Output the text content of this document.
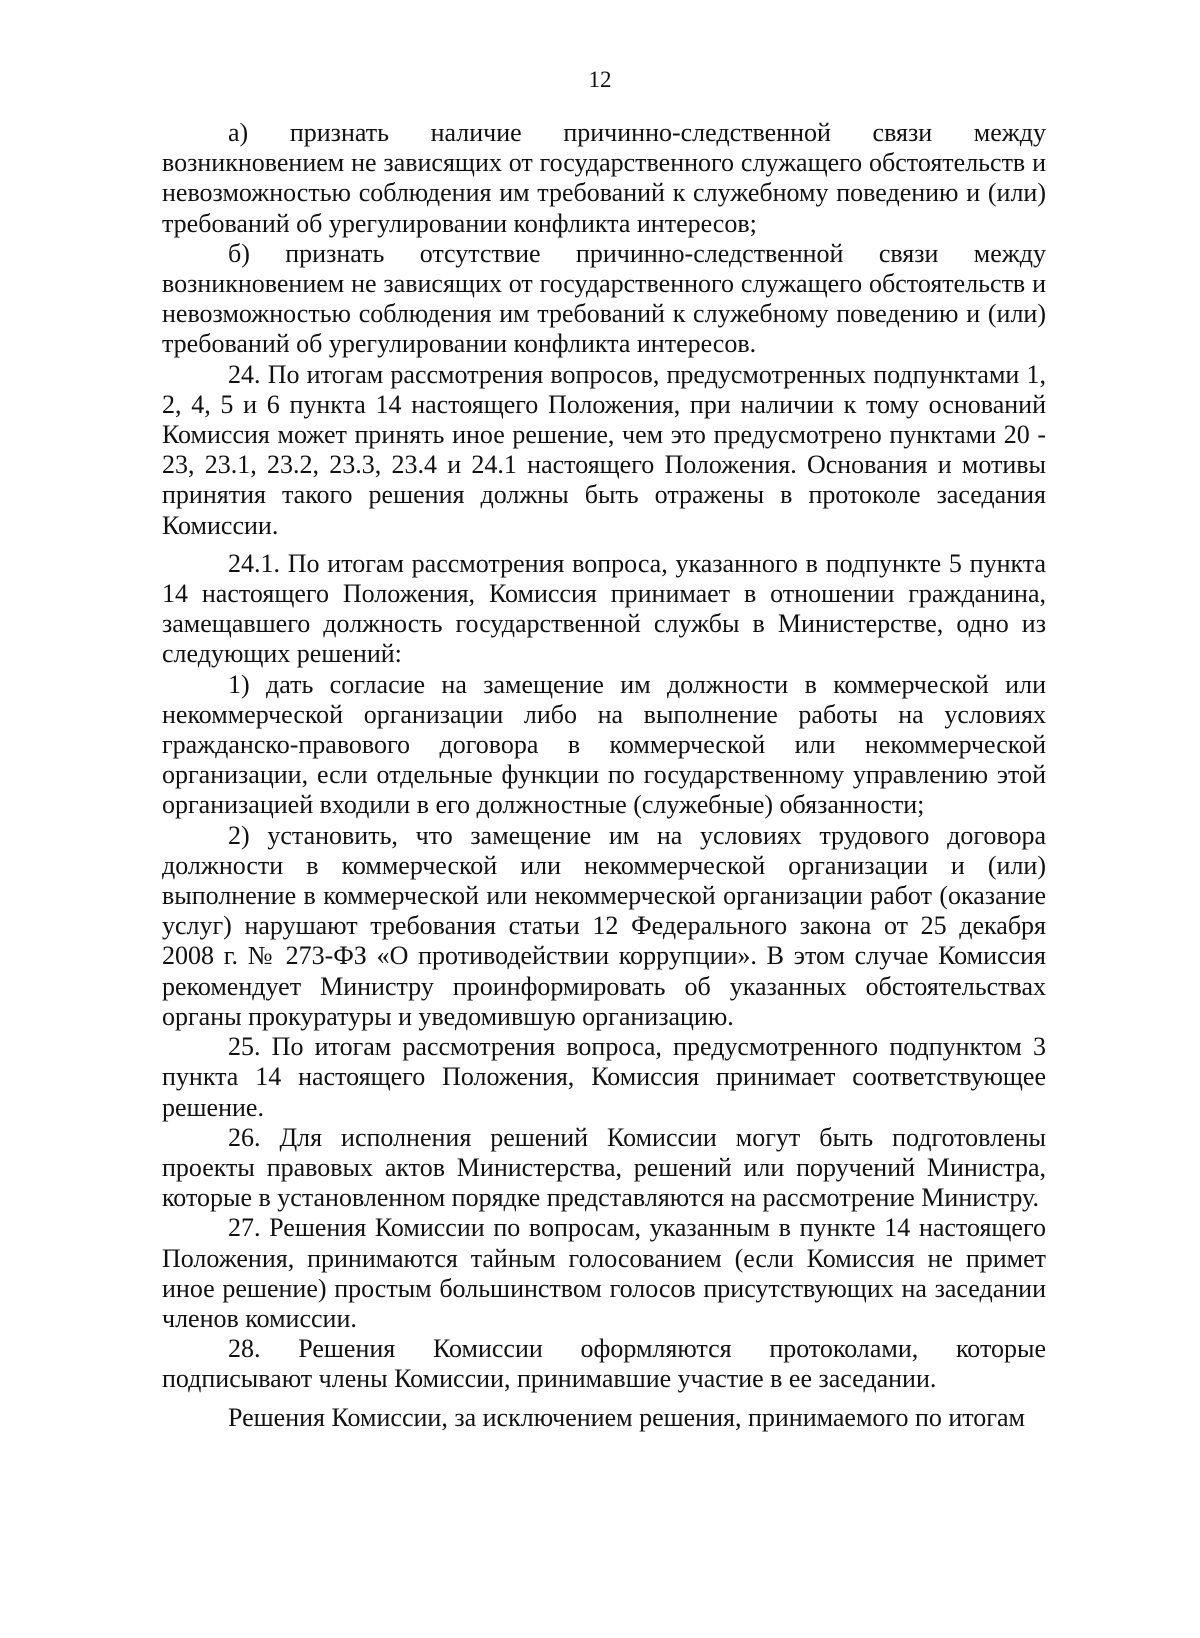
12

а) признать наличие причинно-следственной связи между возникновением не зависящих от государственного служащего обстоятельств и невозможностью соблюдения им требований к служебному поведению и (или) требований об урегулировании конфликта интересов;

б) признать отсутствие причинно-следственной связи между возникновением не зависящих от государственного служащего обстоятельств и невозможностью соблюдения им требований к служебному поведению и (или) требований об урегулировании конфликта интересов.

24. По итогам рассмотрения вопросов, предусмотренных подпунктами 1, 2, 4, 5 и 6 пункта 14 настоящего Положения, при наличии к тому оснований Комиссия может принять иное решение, чем это предусмотрено пунктами 20 - 23, 23.1, 23.2, 23.3, 23.4 и 24.1 настоящего Положения. Основания и мотивы принятия такого решения должны быть отражены в протоколе заседания Комиссии.

24.1. По итогам рассмотрения вопроса, указанного в подпункте 5 пункта 14 настоящего Положения, Комиссия принимает в отношении гражданина, замещавшего должность государственной службы в Министерстве, одно из следующих решений:

1) дать согласие на замещение им должности в коммерческой или некоммерческой организации либо на выполнение работы на условиях гражданско-правового договора в коммерческой или некоммерческой организации, если отдельные функции по государственному управлению этой организацией входили в его должностные (служебные) обязанности;

2) установить, что замещение им на условиях трудового договора должности в коммерческой или некоммерческой организации и (или) выполнение в коммерческой или некоммерческой организации работ (оказание услуг) нарушают требования статьи 12 Федерального закона от 25 декабря 2008 г. № 273-ФЗ «О противодействии коррупции». В этом случае Комиссия рекомендует Министру проинформировать об указанных обстоятельствах органы прокуратуры и уведомившую организацию.

25. По итогам рассмотрения вопроса, предусмотренного подпунктом 3 пункта 14 настоящего Положения, Комиссия принимает соответствующее решение.

26. Для исполнения решений Комиссии могут быть подготовлены проекты правовых актов Министерства, решений или поручений Министра, которые в установленном порядке представляются на рассмотрение Министру.

27. Решения Комиссии по вопросам, указанным в пункте 14 настоящего Положения, принимаются тайным голосованием (если Комиссия не примет иное решение) простым большинством голосов присутствующих на заседании членов комиссии.

28. Решения Комиссии оформляются протоколами, которые подписывают члены Комиссии, принимавшие участие в ее заседании.

Решения Комиссии, за исключением решения, принимаемого по итогам
